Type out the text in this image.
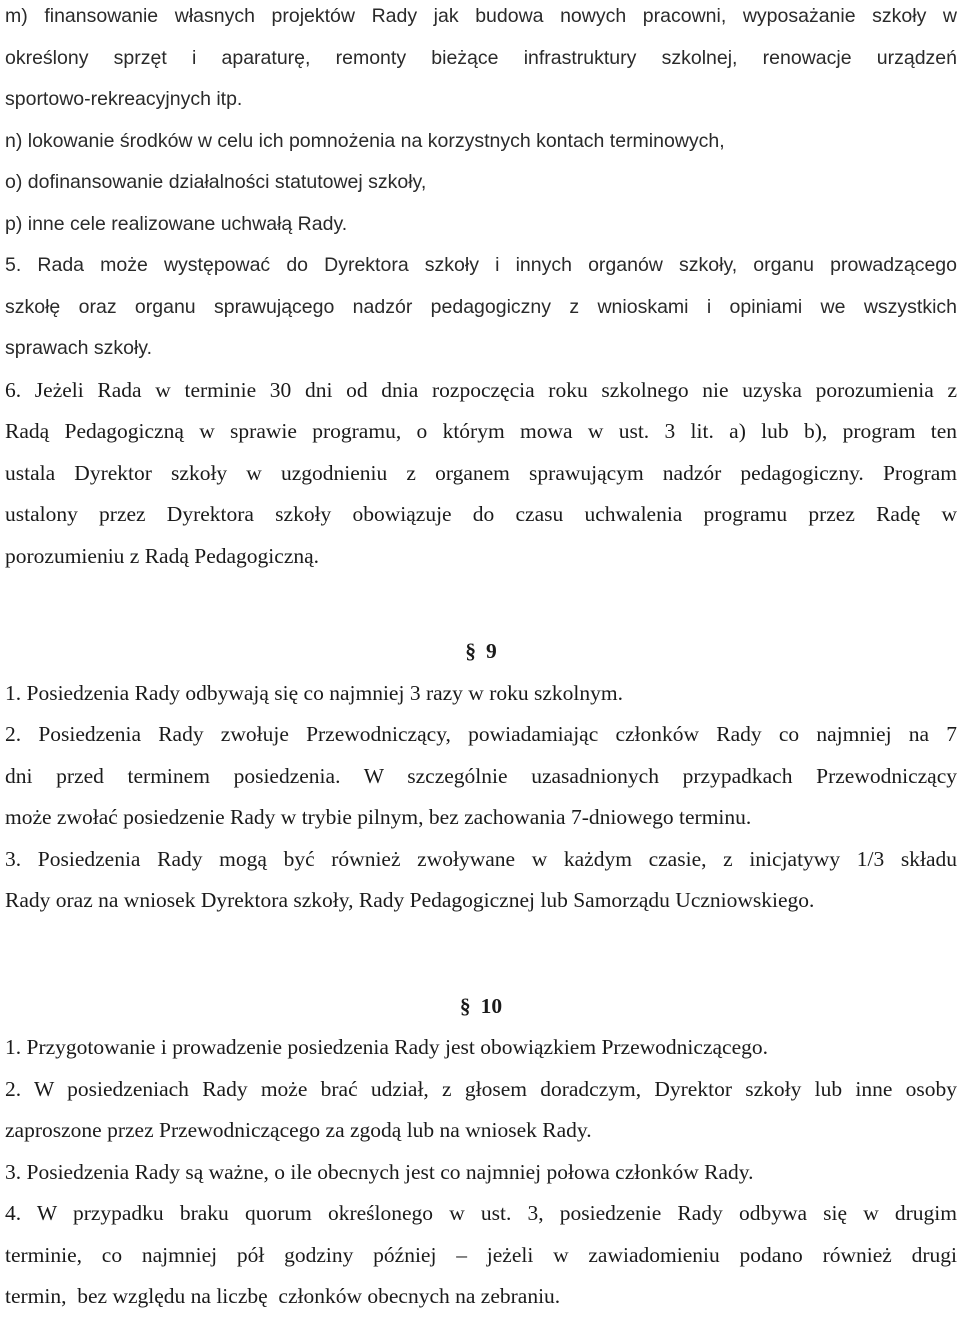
m) finansowanie własnych projektów Rady jak budowa nowych pracowni, wyposażanie szkoły w
określony sprzęt i aparaturę, remonty bieżące infrastruktury szkolnej, renowacje urządzeń
sportowo-rekreacyjnych itp.
n) lokowanie środków w celu ich pomnożenia na korzystnych kontach terminowych,
o) dofinansowanie działalności statutowej szkoły,
p) inne cele realizowane uchwałą Rady.
5. Rada może występować do Dyrektora szkoły i innych organów szkoły, organu prowadzącego
szkołę oraz organu sprawującego nadzór pedagogiczny z wnioskami i opiniami we wszystkich
sprawach szkoły.
6. Jeżeli Rada w terminie 30 dni od dnia rozpoczęcia roku szkolnego nie uzyska porozumienia z
Radą Pedagogiczną w sprawie programu, o którym mowa w ust. 3 lit. a) lub b), program ten
ustala Dyrektor szkoły w uzgodnieniu z organem sprawującym nadzór pedagogiczny. Program
ustalony przez Dyrektora szkoły obowiązuje do czasu uchwalenia programu przez Radę w
porozumieniu z Radą Pedagogiczną.
§ 9
1. Posiedzenia Rady odbywają się co najmniej 3 razy w roku szkolnym.
2. Posiedzenia Rady zwołuje Przewodniczący, powiadamiając członków Rady co najmniej na 7
dni przed terminem posiedzenia. W szczególnie uzasadnionych przypadkach Przewodniczący
może zwołać posiedzenie Rady w trybie pilnym, bez zachowania 7-dniowego terminu.
3. Posiedzenia Rady mogą być również zwoływane w każdym czasie, z inicjatywy 1/3 składu
Rady oraz na wniosek Dyrektora szkoły, Rady Pedagogicznej lub Samorządu Uczniowskiego.
§ 10
1. Przygotowanie i prowadzenie posiedzenia Rady jest obowiązkiem Przewodniczącego.
2. W posiedzeniach Rady może brać udział, z głosem doradczym, Dyrektor szkoły lub inne osoby
zaproszone przez Przewodniczącego za zgodą lub na wniosek Rady.
3. Posiedzenia Rady są ważne, o ile obecnych jest co najmniej połowa członków Rady.
4. W przypadku braku quorum określonego w ust. 3, posiedzenie Rady odbywa się w drugim
terminie, co najmniej pół godziny później – jeżeli w zawiadomieniu podano również drugi
termin,  bez względu na liczbę  członków obecnych na zebraniu.
